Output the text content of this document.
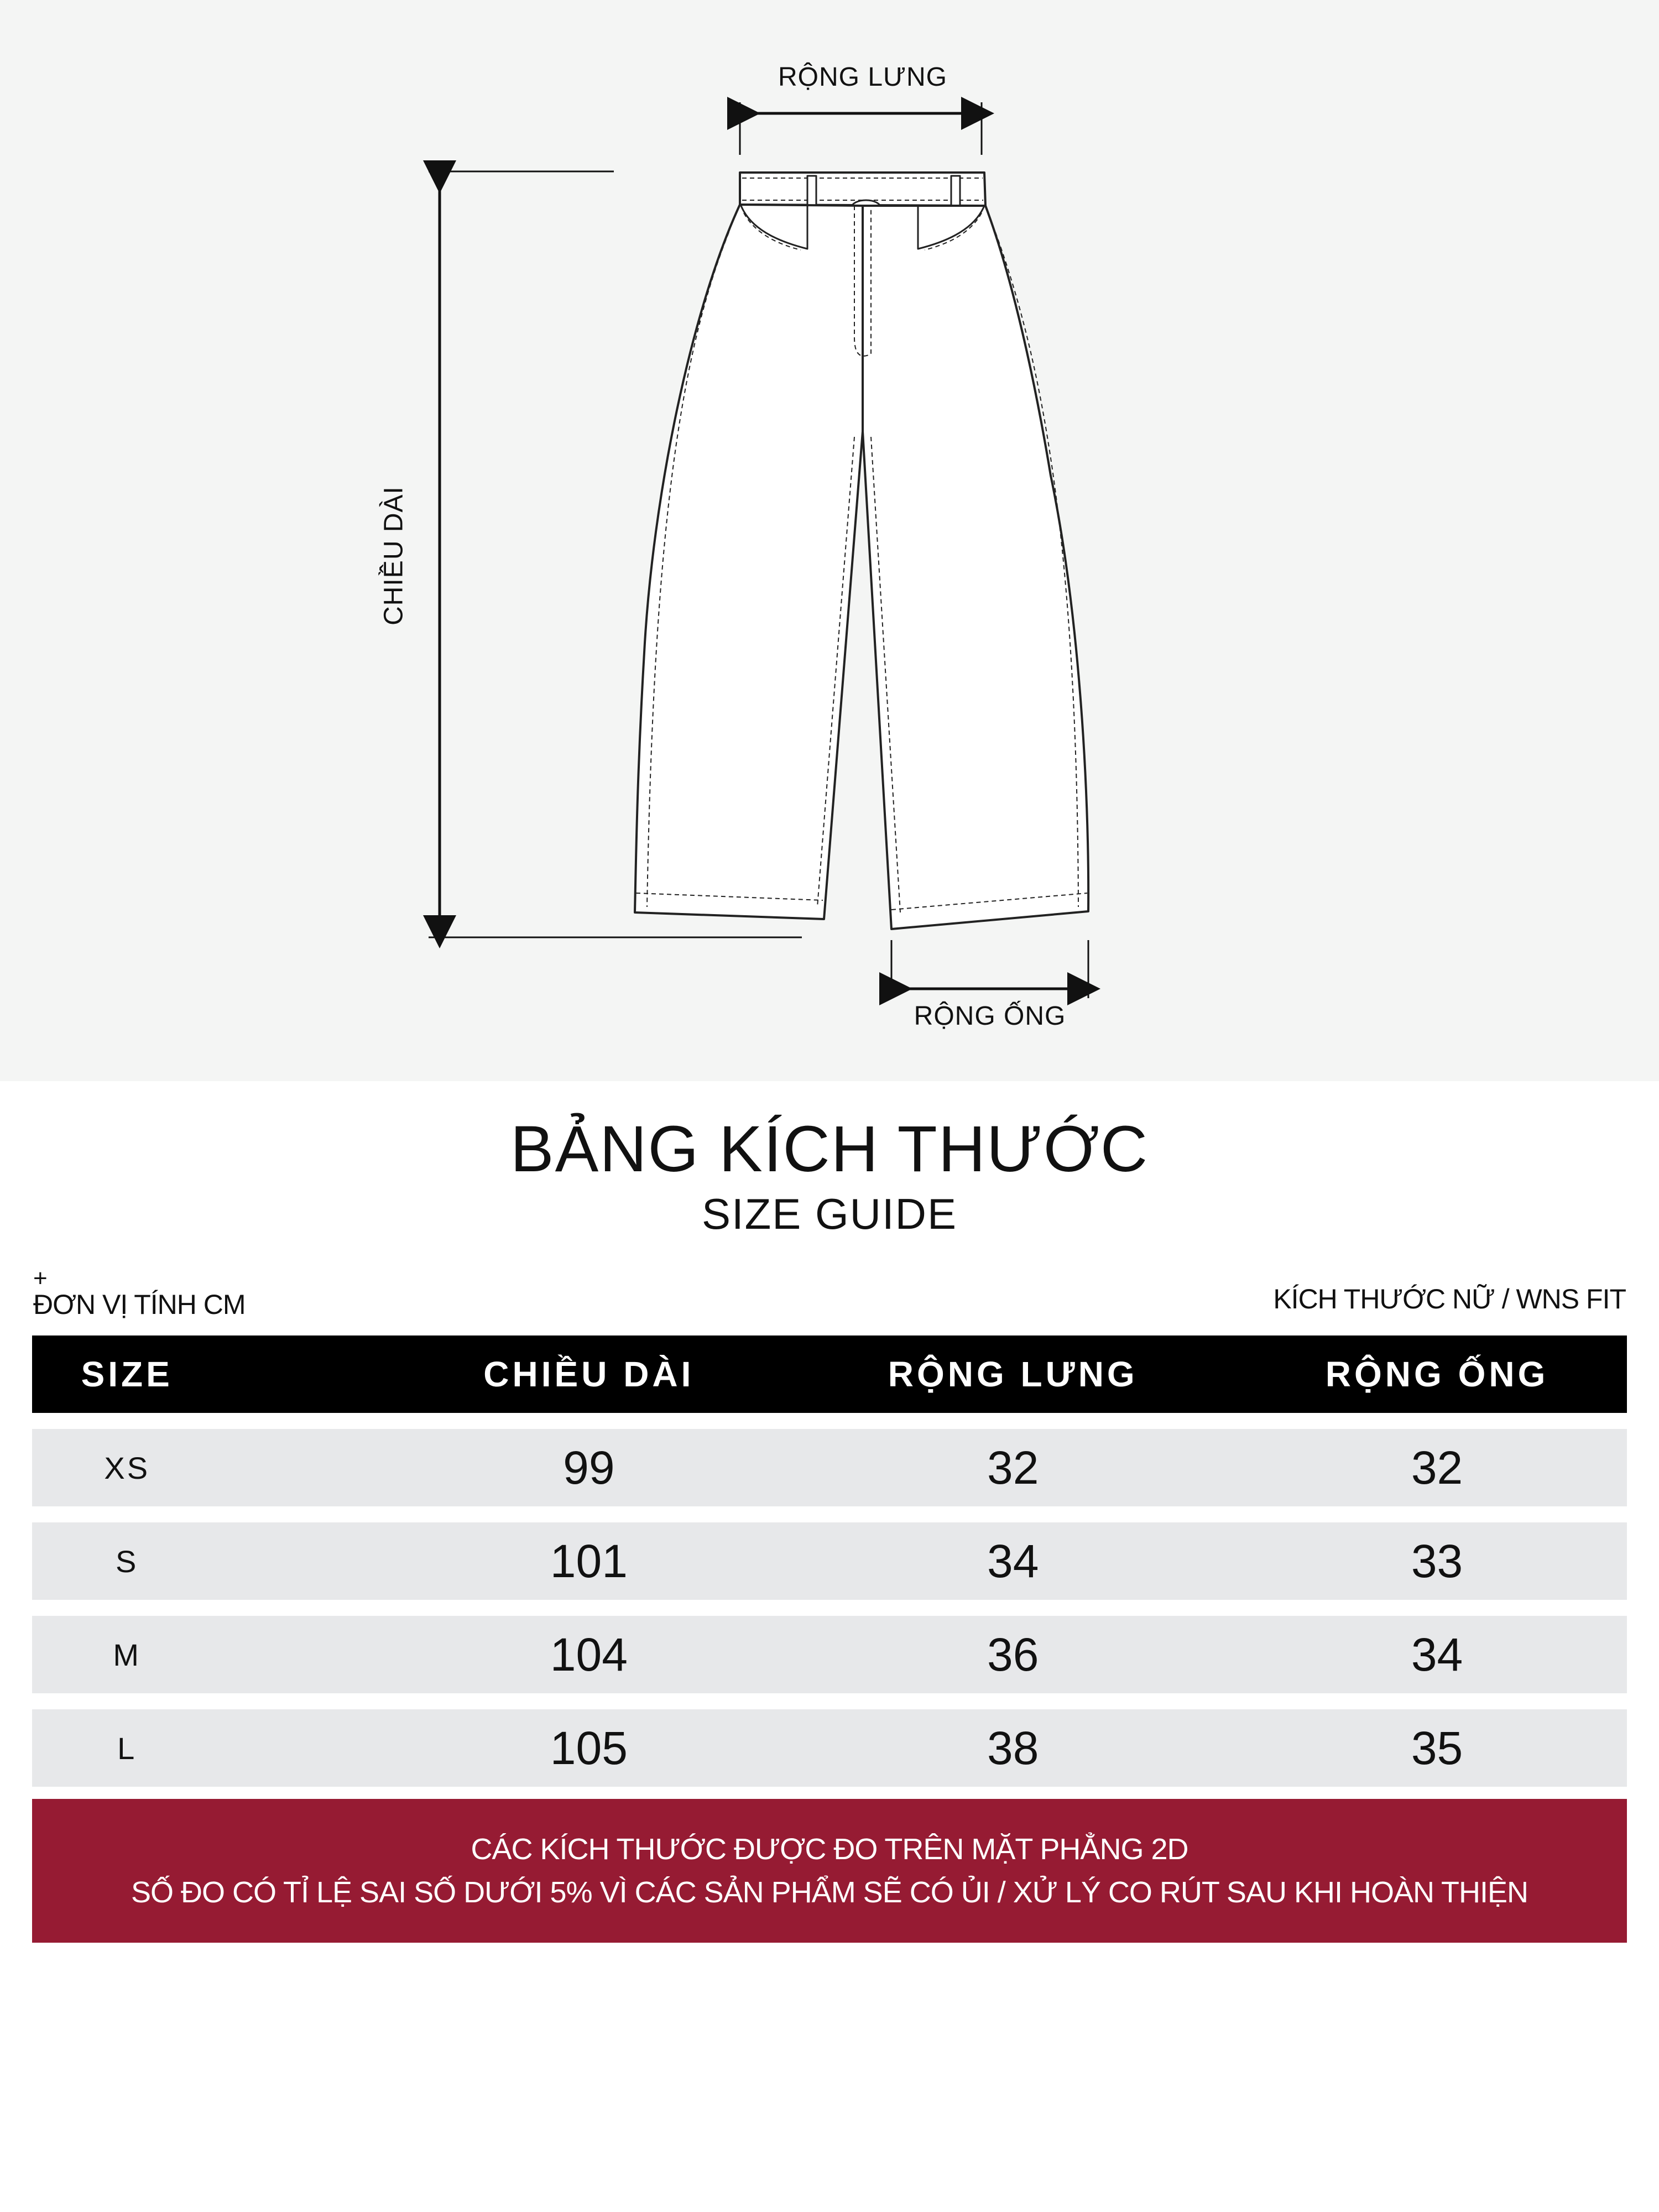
RỘNG LƯNG
CHIỀU DÀI
RỘNG ỐNG
BẢNG KÍCH THƯỚC
SIZE GUIDE
+
ĐƠN VỊ TÍNH CM	KÍCH THƯỚC NỮ / WNS FIT
SIZE	CHIỀU DÀI	RỘNG LƯNG	RỘNG ỐNG
XS	99	32	32
S	101	34	33
M	104	36	34
L	105	38	35
CÁC KÍCH THƯỚC ĐƯỢC ĐO TRÊN MẶT PHẲNG 2D
SỐ ĐO CÓ TỈ LỆ SAI SỐ DƯỚI 5% VÌ CÁC SẢN PHẨM SẼ CÓ ỦI / XỬ LÝ CO RÚT SAU KHI HOÀN THIỆN
